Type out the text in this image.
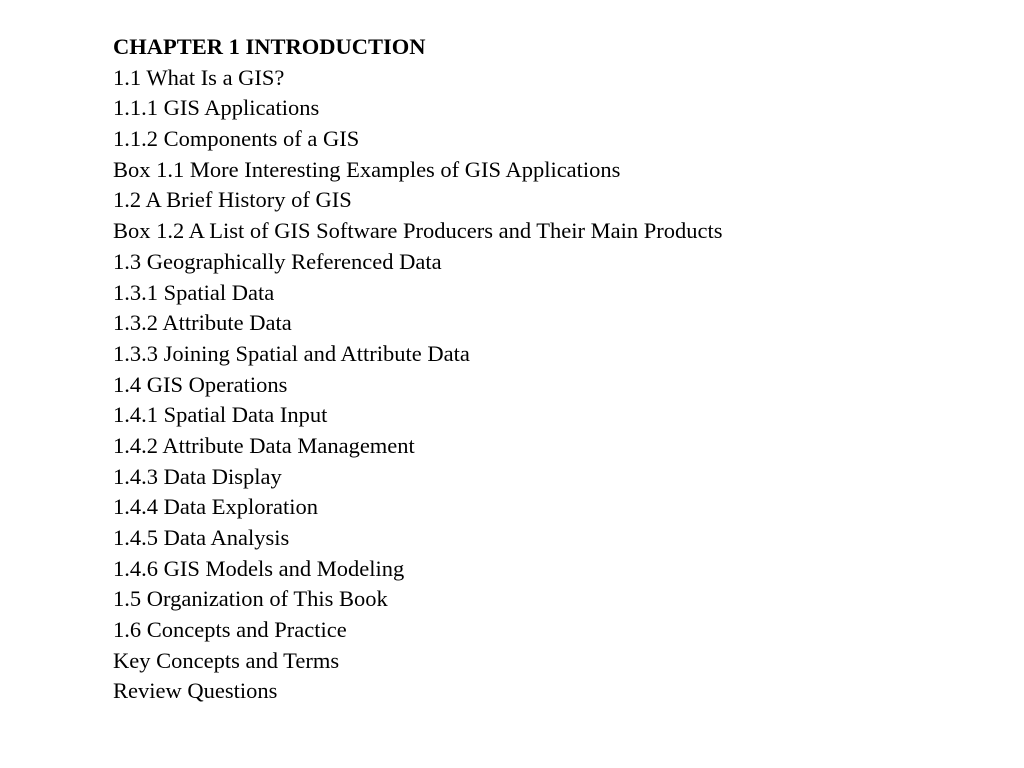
CHAPTER 1 INTRODUCTION
1.1 What Is a GIS?
1.1.1 GIS Applications
1.1.2 Components of a GIS
Box 1.1 More Interesting Examples of GIS Applications
1.2 A Brief History of GIS
Box 1.2 A List of GIS Software Producers and Their Main Products
1.3 Geographically Referenced Data
1.3.1 Spatial Data
1.3.2 Attribute Data
1.3.3 Joining Spatial and Attribute Data
1.4 GIS Operations
1.4.1 Spatial Data Input
1.4.2 Attribute Data Management
1.4.3 Data Display
1.4.4 Data Exploration
1.4.5 Data Analysis
1.4.6 GIS Models and Modeling
1.5 Organization of This Book
1.6 Concepts and Practice
Key Concepts and Terms
Review Questions
